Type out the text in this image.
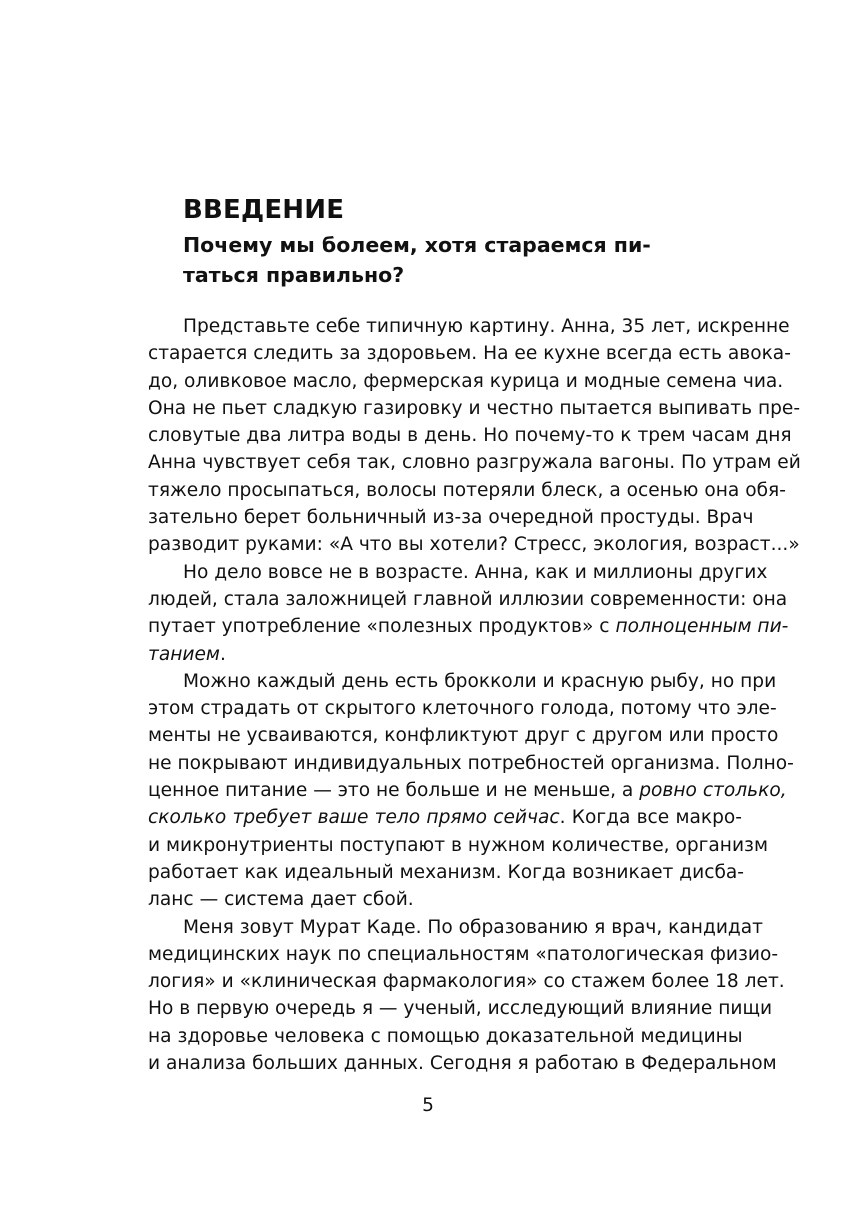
ВВЕДЕНИЕ
Почему мы болеем, хотя стараемся пи-
таться правильно?
Представьте себе типичную картину. Анна, 35 лет, искренне
старается следить за здоровьем. На ее кухне всегда есть авока-
до, оливковое масло, фермерская курица и модные семена чиа.
Она не пьет сладкую газировку и честно пытается выпивать пре-
словутые два литра воды в день. Но почему-то к трем часам дня
Анна чувствует себя так, словно разгружала вагоны. По утрам ей
тяжело просыпаться, волосы потеряли блеск, а осенью она обя-
зательно берет больничный из-за очередной простуды. Врач
разводит руками: «А что вы хотели? Стресс, экология, возраст...»
Но дело вовсе не в возрасте. Анна, как и миллионы других
людей, стала заложницей главной иллюзии современности: она
путает употребление «полезных продуктов» с полноценным пи-
танием.
Можно каждый день есть брокколи и красную рыбу, но при
этом страдать от скрытого клеточного голода, потому что эле-
менты не усваиваются, конфликтуют друг с другом или просто
не покрывают индивидуальных потребностей организма. Полно-
ценное питание — это не больше и не меньше, а ровно столько,
сколько требует ваше тело прямо сейчас. Когда все макро-
и микронутриенты поступают в нужном количестве, организм
работает как идеальный механизм. Когда возникает дисба-
ланс — система дает сбой.
Меня зовут Мурат Каде. По образованию я врач, кандидат
медицинских наук по специальностям «патологическая физио-
логия» и «клиническая фармакология» со стажем более 18 лет.
Но в первую очередь я — ученый, исследующий влияние пищи
на здоровье человека с помощью доказательной медицины
и анализа больших данных. Сегодня я работаю в Федеральном
5
